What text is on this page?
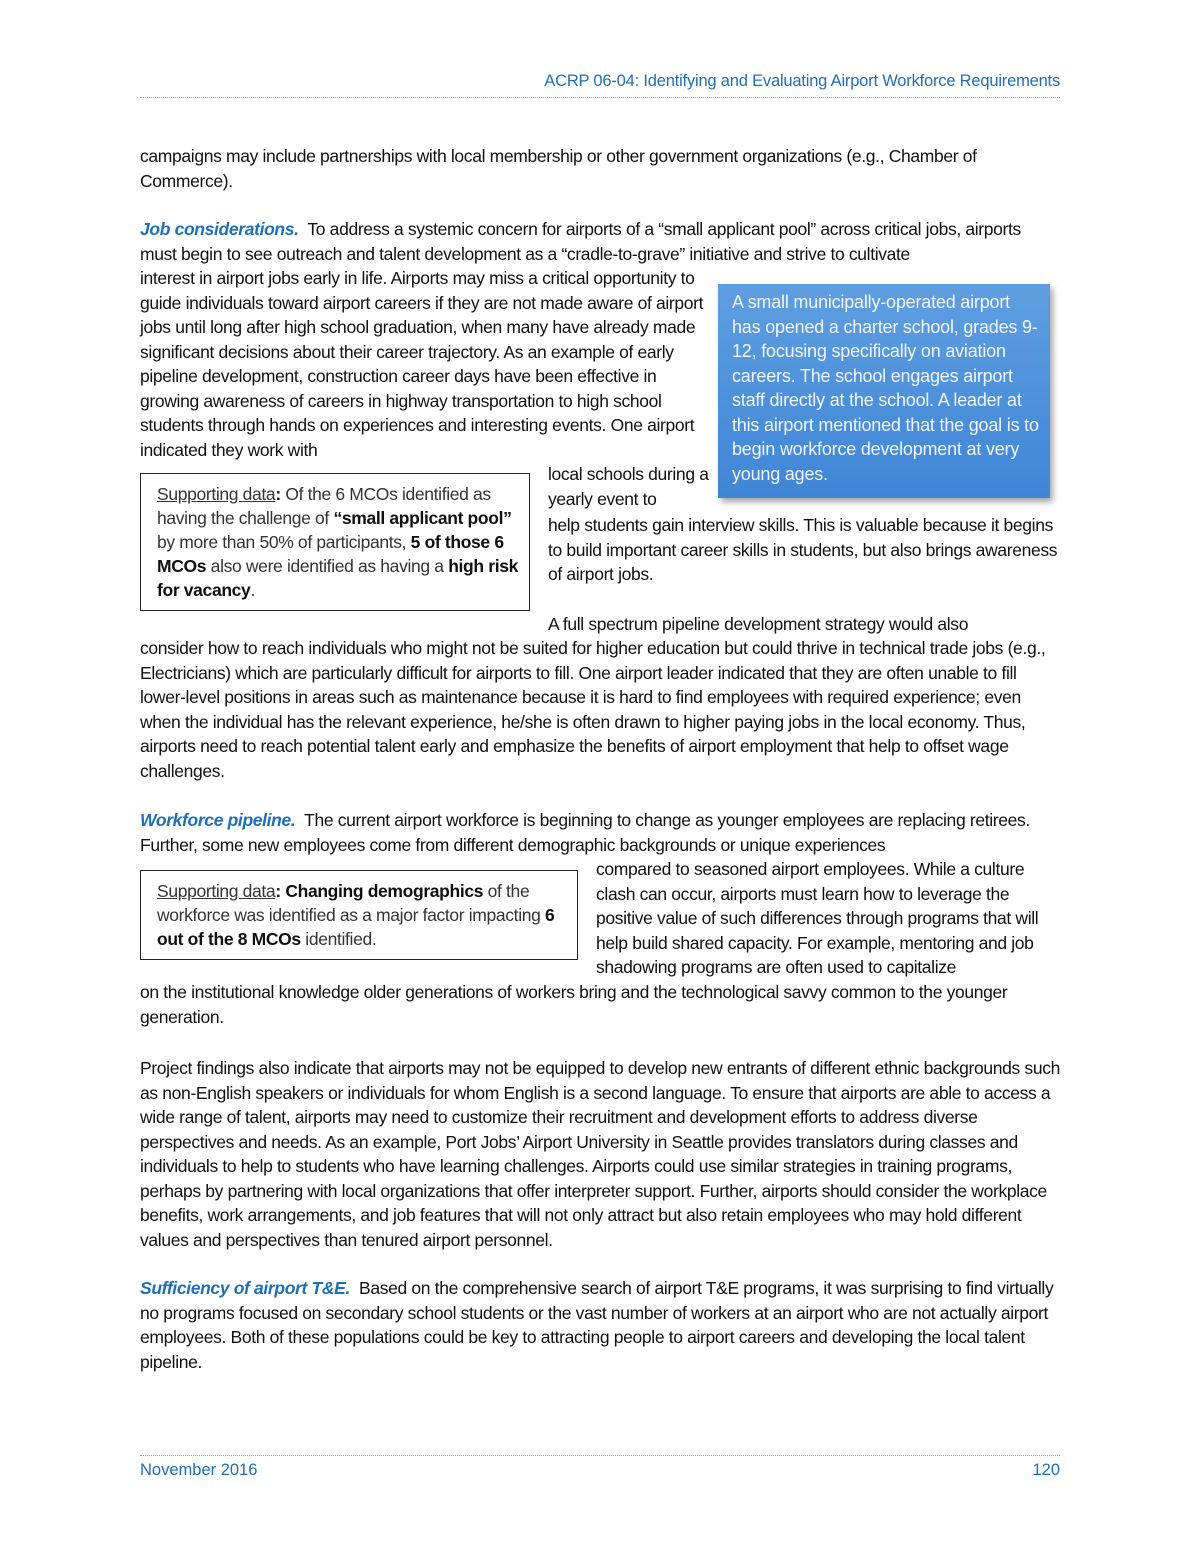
ACRP 06-04: Identifying and Evaluating Airport Workforce Requirements

campaigns may include partnerships with local membership or other government organizations (e.g., Chamber of Commerce).

Job considerations. To address a systemic concern for airports of a “small applicant pool” across critical jobs, airports must begin to see outreach and talent development as a “cradle-to-grave” initiative and strive to cultivate

interest in airport jobs early in life. Airports may miss a critical opportunity to guide individuals toward airport careers if they are not made aware of airport jobs until long after high school graduation, when many have already made significant decisions about their career trajectory. As an example of early pipeline development, construction career days have been effective in growing awareness of careers in highway transportation to high school students through hands on experiences and interesting events. One airport indicated they work with

local schools during a yearly event to

help students gain interview skills. This is valuable because it begins to build important career skills in students, but also brings awareness of airport jobs.

Supporting data: Of the 6 MCOs identified as having the challenge of “small applicant pool” by more than 50% of participants, 5 of those 6 MCOs also were identified as having a high risk for vacancy.
A small municipally-operated airport has opened a charter school, grades 9-12, focusing specifically on aviation careers. The school engages airport staff directly at the school. A leader at this airport mentioned that the goal is to begin workforce development at very young ages.

A full spectrum pipeline development strategy would also

consider how to reach individuals who might not be suited for higher education but could thrive in technical trade jobs (e.g., Electricians) which are particularly difficult for airports to fill. One airport leader indicated that they are often unable to fill lower-level positions in areas such as maintenance because it is hard to find employees with required experience; even when the individual has the relevant experience, he/she is often drawn to higher paying jobs in the local economy. Thus, airports need to reach potential talent early and emphasize the benefits of airport employment that help to offset wage challenges.

Workforce pipeline. The current airport workforce is beginning to change as younger employees are replacing retirees. Further, some new employees come from different demographic backgrounds or unique experiences

compared to seasoned airport employees. While a culture clash can occur, airports must learn how to leverage the positive value of such differences through programs that will help build shared capacity. For example, mentoring and job shadowing programs are often used to capitalize

Supporting data: Changing demographics of the workforce was identified as a major factor impacting 6 out of the 8 MCOs identified.

on the institutional knowledge older generations of workers bring and the technological savvy common to the younger generation.

Project findings also indicate that airports may not be equipped to develop new entrants of different ethnic backgrounds such as non-English speakers or individuals for whom English is a second language. To ensure that airports are able to access a wide range of talent, airports may need to customize their recruitment and development efforts to address diverse perspectives and needs. As an example, Port Jobs’ Airport University in Seattle provides translators during classes and individuals to help to students who have learning challenges. Airports could use similar strategies in training programs, perhaps by partnering with local organizations that offer interpreter support. Further, airports should consider the workplace benefits, work arrangements, and job features that will not only attract but also retain employees who may hold different values and perspectives than tenured airport personnel.

Sufficiency of airport T&E. Based on the comprehensive search of airport T&E programs, it was surprising to find virtually no programs focused on secondary school students or the vast number of workers at an airport who are not actually airport employees. Both of these populations could be key to attracting people to airport careers and developing the local talent pipeline.

November 2016	120
